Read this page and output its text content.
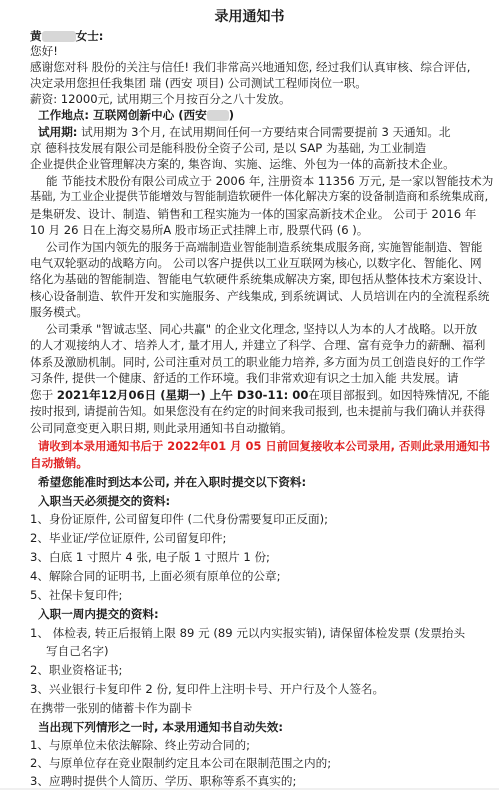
录用通知书
黄	女士:
您好!
感谢您对科 股份的关注与信任! 我们非常高兴地通知您, 经过我们认真审核、综合评估,
决定录用您担任我集团 瑞 (西安 项目) 公司测试工程师岗位一职。
薪资: 12000元, 试用期三个月按百分之八十发放。
工作地点: 互联网创新中心 (西安 )
试用期: 试用期为 3个月, 在试用期间任何一方要结束合同需要提前 3 天通知。北
京 德科技发展有限公司是能科股份全资子公司, 是以 SAP 为基础, 为工业制造
企业提供企业管理解决方案的, 集咨询、实施、运维、外包为一体的高新技术企业。
能 节能技术股份有限公司成立于 2006 年, 注册资本 11356 万元, 是一家以智能技术为
基础, 为工业企业提供节能增效与智能制造软硬件一体化解决方案的设备制造商和系统集成商,
是集研发、设计、制造、销售和工程实施为一体的国家高新技术企业。 公司于 2016 年
10 月 26 日在上海交易所A 股市场正式挂牌上市, 股票代码 (6 )。
公司作为国内领先的服务于高端制造业智能制造系统集成服务商, 实施智能制造、智能
电气双轮驱动的战略方向。 公司以客户提供以工业互联网为核心, 以数字化、智能化、网
络化为基础的智能制造、智能电气软硬件系统集成解决方案, 即包括从整体技术方案设计、
核心设备制造、软件开发和实施服务、产线集成, 到系统调试、人员培训在内的全流程系统
服务模式。
公司秉承 "智诚志坚、同心共赢" 的企业文化理念, 坚持以人为本的人才战略。以开放
的人才观接纳人才、培养人才, 量才用人, 并建立了科学、合理、富有竞争力的薪酬、福利
体系及激励机制。同时, 公司注重对员工的职业能力培养, 多方面为员工创造良好的工作学
习条件, 提供一个健康、舒适的工作环境。我们非常欢迎有识之士加入能 共发展。请
您于 2021年12月06日 (星期一) 上午 D30-11: 00在项目部报到。如因特殊情况, 不能
按时报到, 请提前告知。如果您没有在约定的时间来我司报到, 也未提前与我们确认并获得
公司同意变更入职日期, 则此录用通知书自动撤销。
请收到本录用通知书后于 2022年01 月 05 日前回复接收本公司录用, 否则此录用通知书
自动撤销。
希望您能准时到达本公司, 并在入职时提交以下资料:
入职当天必须提交的资料:
1、身份证原件, 公司留复印件 (二代身份需要复印正反面);
2、毕业证/学位证原件, 公司留复印件;
3、白底 1 寸照片 4 张, 电子版 1 寸照片 1 份;
4、解除合同的证明书, 上面必须有原单位的公章;
5、社保卡复印件;
入职一周内提交的资料:
1、 体检表, 转正后报销上限 89 元 (89 元以内实报实销), 请保留体检发票 (发票抬头
写自己名字)
2、职业资格证书;
3、兴业银行卡复印件 2 份, 复印件上注明卡号、开户行及个人签名。
在携带一张别的储蓄卡作为副卡
当出现下列情形之一时, 本录用通知书自动失效:
1、与原单位未依法解除、终止劳动合同的;
2、与原单位存在竞业限制约定且本公司在限制范围之内的;
3、应聘时提供个人简历、学历、职称等系不真实的;
